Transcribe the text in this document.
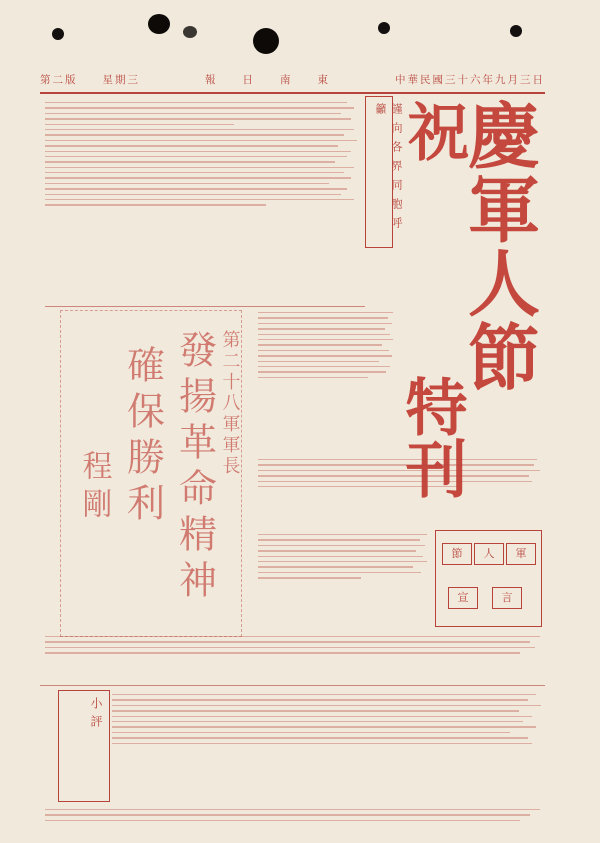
第二版　　星期三	報　　日　　南　　東	中華民國三十六年九月三日
謹向各界同胞呼籲 慶軍人節
祝
特刊
發揚革命精神
確保勝利	第二十八軍軍長
程剛
軍
人
節
宣	言
小評
